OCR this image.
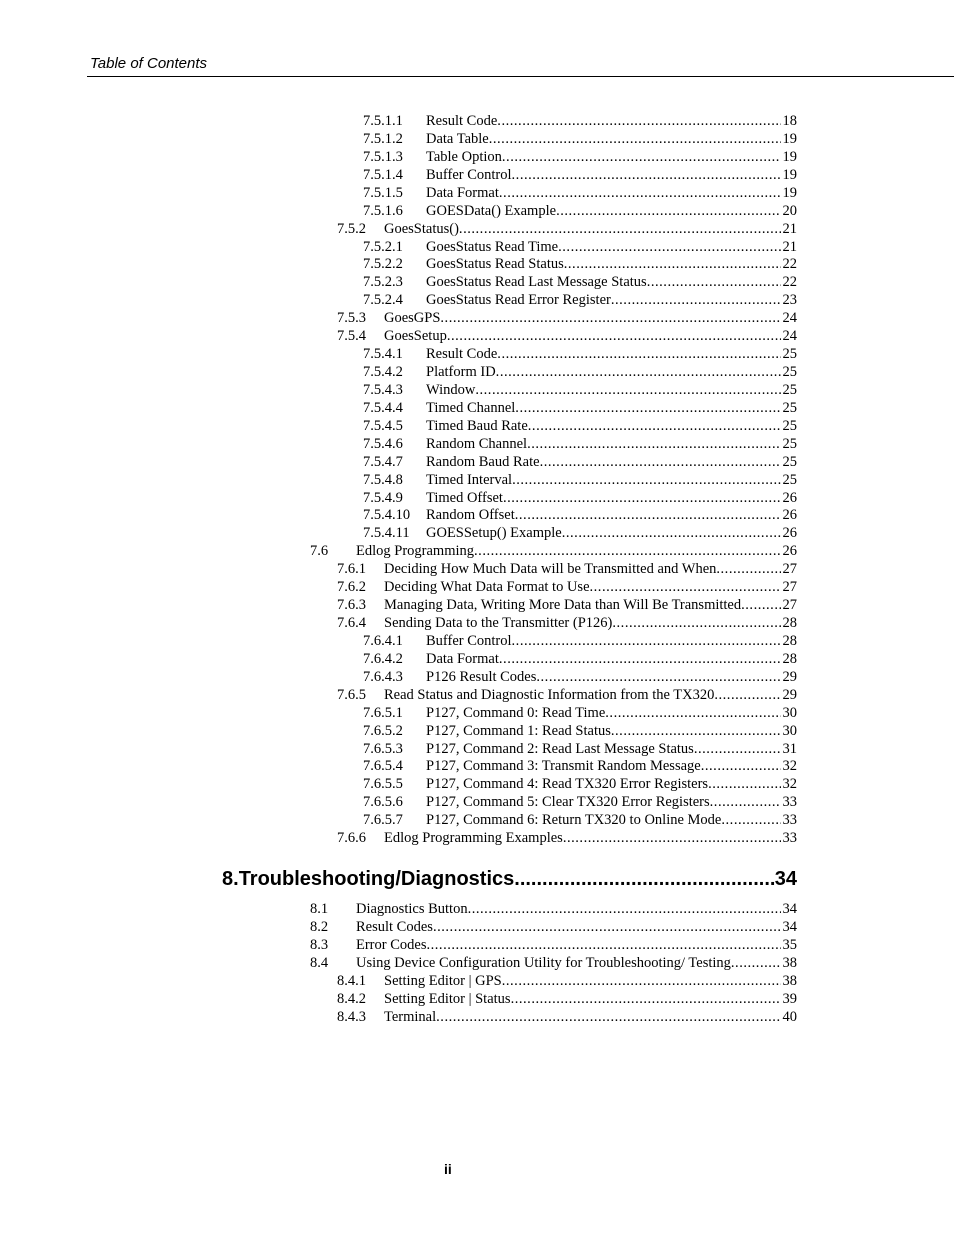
Table of Contents
7.5.1.1	Result Code . . .	18
7.5.1.2	Data Table . . .	19
7.5.1.3	Table Option . . .	19
7.5.1.4	Buffer Control . . .	19
7.5.1.5	Data Format . . .	19
7.5.1.6	GOESData() Example . . .	20
7.5.2	GoesStatus() . . .	21
7.5.2.1	GoesStatus Read Time . . .	21
7.5.2.2	GoesStatus Read Status . . .	22
7.5.2.3	GoesStatus Read Last Message Status . . .	22
7.5.2.4	GoesStatus Read Error Register . . .	23
7.5.3	GoesGPS . . .	24
7.5.4	GoesSetup . . .	24
7.5.4.1	Result Code . . .	25
7.5.4.2	Platform ID . . .	25
7.5.4.3	Window . . .	25
7.5.4.4	Timed Channel . . .	25
7.5.4.5	Timed Baud Rate . . .	25
7.5.4.6	Random Channel . . .	25
7.5.4.7	Random Baud Rate . . .	25
7.5.4.8	Timed Interval . . .	25
7.5.4.9	Timed Offset . . .	26
7.5.4.10	Random Offset . . .	26
7.5.4.11	GOESSetup() Example . . .	26
7.6	Edlog Programming . . .	26
7.6.1	Deciding How Much Data will be Transmitted and When . . .	27
7.6.2	Deciding What Data Format to Use . . .	27
7.6.3	Managing Data, Writing More Data than Will Be Transmitted . . .	27
7.6.4	Sending Data to the Transmitter (P126) . . .	28
7.6.4.1	Buffer Control . . .	28
7.6.4.2	Data Format . . .	28
7.6.4.3	P126 Result Codes . . .	29
7.6.5	Read Status and Diagnostic Information from the TX320 . . .	29
7.6.5.1	P127, Command 0: Read Time . . .	30
7.6.5.2	P127, Command 1: Read Status . . .	30
7.6.5.3	P127, Command 2: Read Last Message Status . . .	31
7.6.5.4	P127, Command 3: Transmit Random Message . . .	32
7.6.5.5	P127, Command 4: Read TX320 Error Registers . . .	32
7.6.5.6	P127, Command 5: Clear TX320 Error Registers . . .	33
7.6.5.7	P127, Command 6: Return TX320 to Online Mode . . .	33
7.6.6	Edlog Programming Examples . . .	33
8. Troubleshooting/Diagnostics .....	34
8.1	Diagnostics Button . . .	34
8.2	Result Codes . . .	34
8.3	Error Codes . . .	35
8.4	Using Device Configuration Utility for Troubleshooting/ Testing . . .	38
8.4.1	Setting Editor | GPS . . .	38
8.4.2	Setting Editor | Status . . .	39
8.4.3	Terminal . . .	40
ii
